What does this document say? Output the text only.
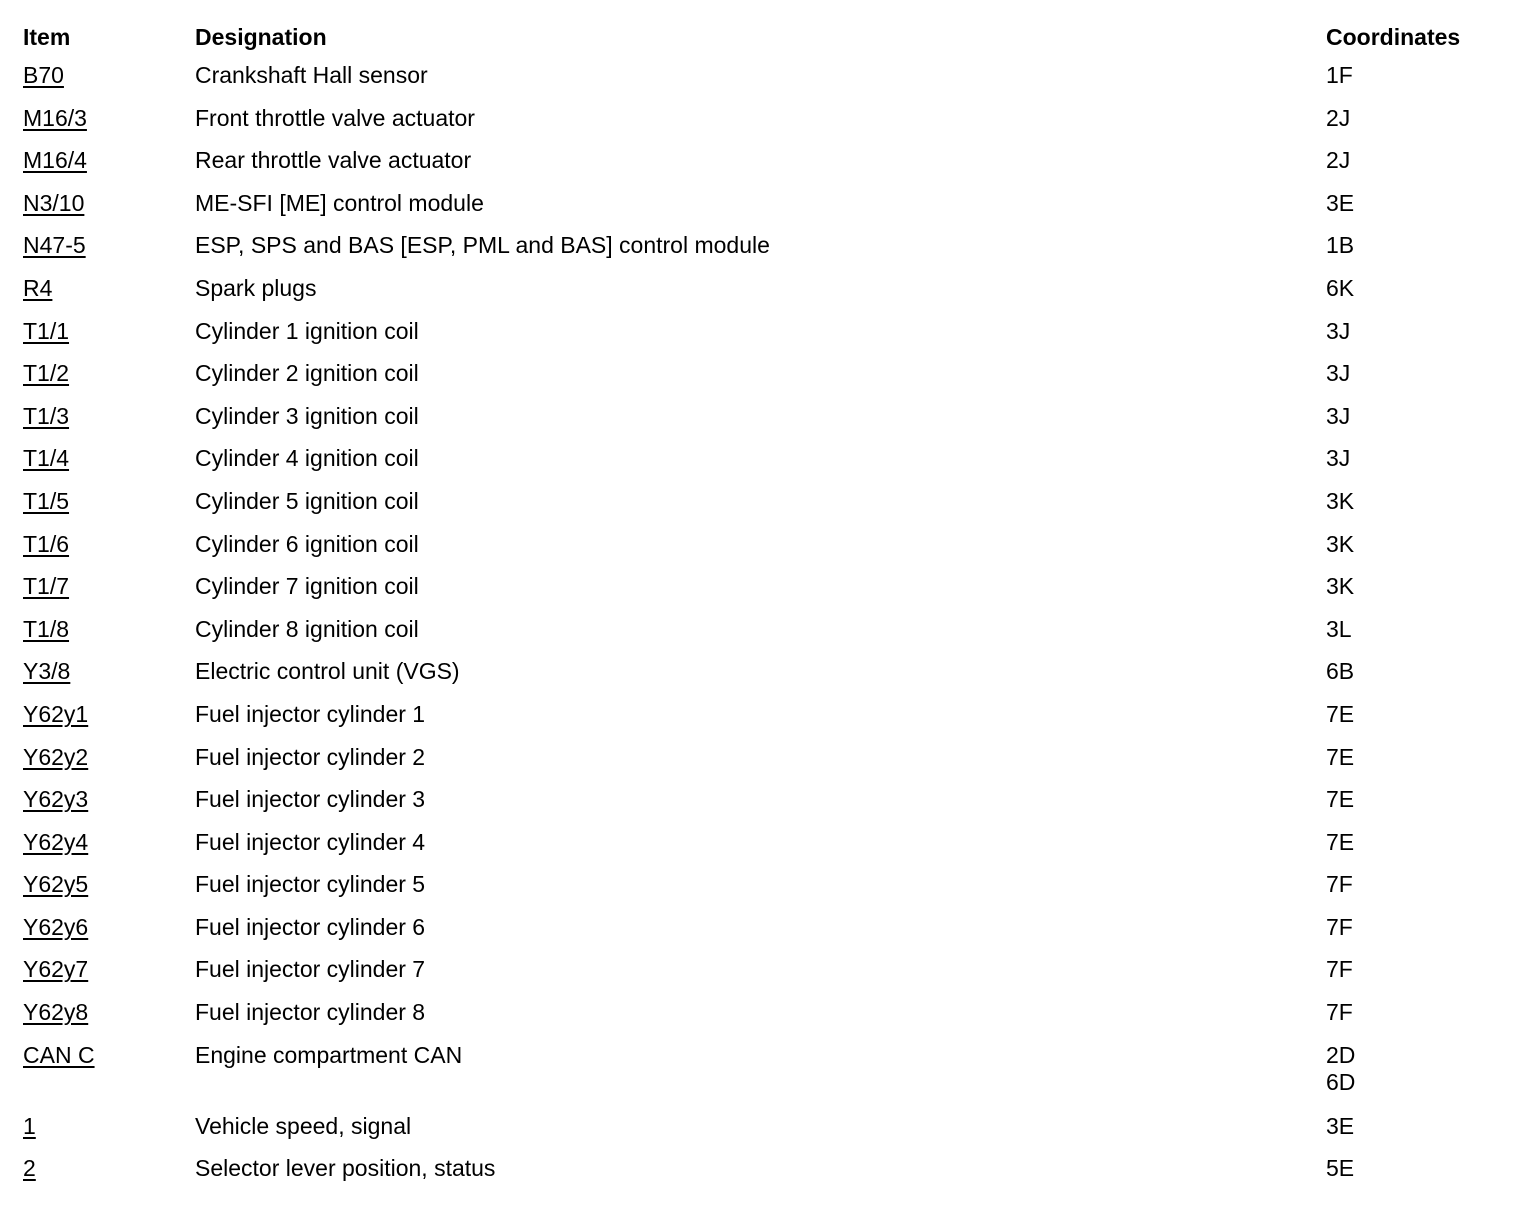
Item	Designation	Coordinates
B70	Crankshaft Hall sensor	1F

M16/3	Front throttle valve actuator	2J

M16/4	Rear throttle valve actuator	2J

N3/10	ME-SFI [ME] control module	3E

N47-5	ESP, SPS and BAS [ESP, PML and BAS] control module	1B

R4	Spark plugs	6K

T1/1	Cylinder 1 ignition coil	3J

T1/2	Cylinder 2 ignition coil	3J

T1/3	Cylinder 3 ignition coil	3J

T1/4	Cylinder 4 ignition coil	3J

T1/5	Cylinder 5 ignition coil	3K

T1/6	Cylinder 6 ignition coil	3K

T1/7	Cylinder 7 ignition coil	3K

T1/8	Cylinder 8 ignition coil	3L

Y3/8	Electric control unit (VGS)	6B

Y62y1	Fuel injector cylinder 1	7E

Y62y2	Fuel injector cylinder 2	7E

Y62y3	Fuel injector cylinder 3	7E

Y62y4	Fuel injector cylinder 4	7E

Y62y5	Fuel injector cylinder 5	7F

Y62y6	Fuel injector cylinder 6	7F

Y62y7	Fuel injector cylinder 7	7F

Y62y8	Fuel injector cylinder 8	7F

CAN C	Engine compartment CAN	2D
6D

1	Vehicle speed, signal	3E

2	Selector lever position, status	5E
